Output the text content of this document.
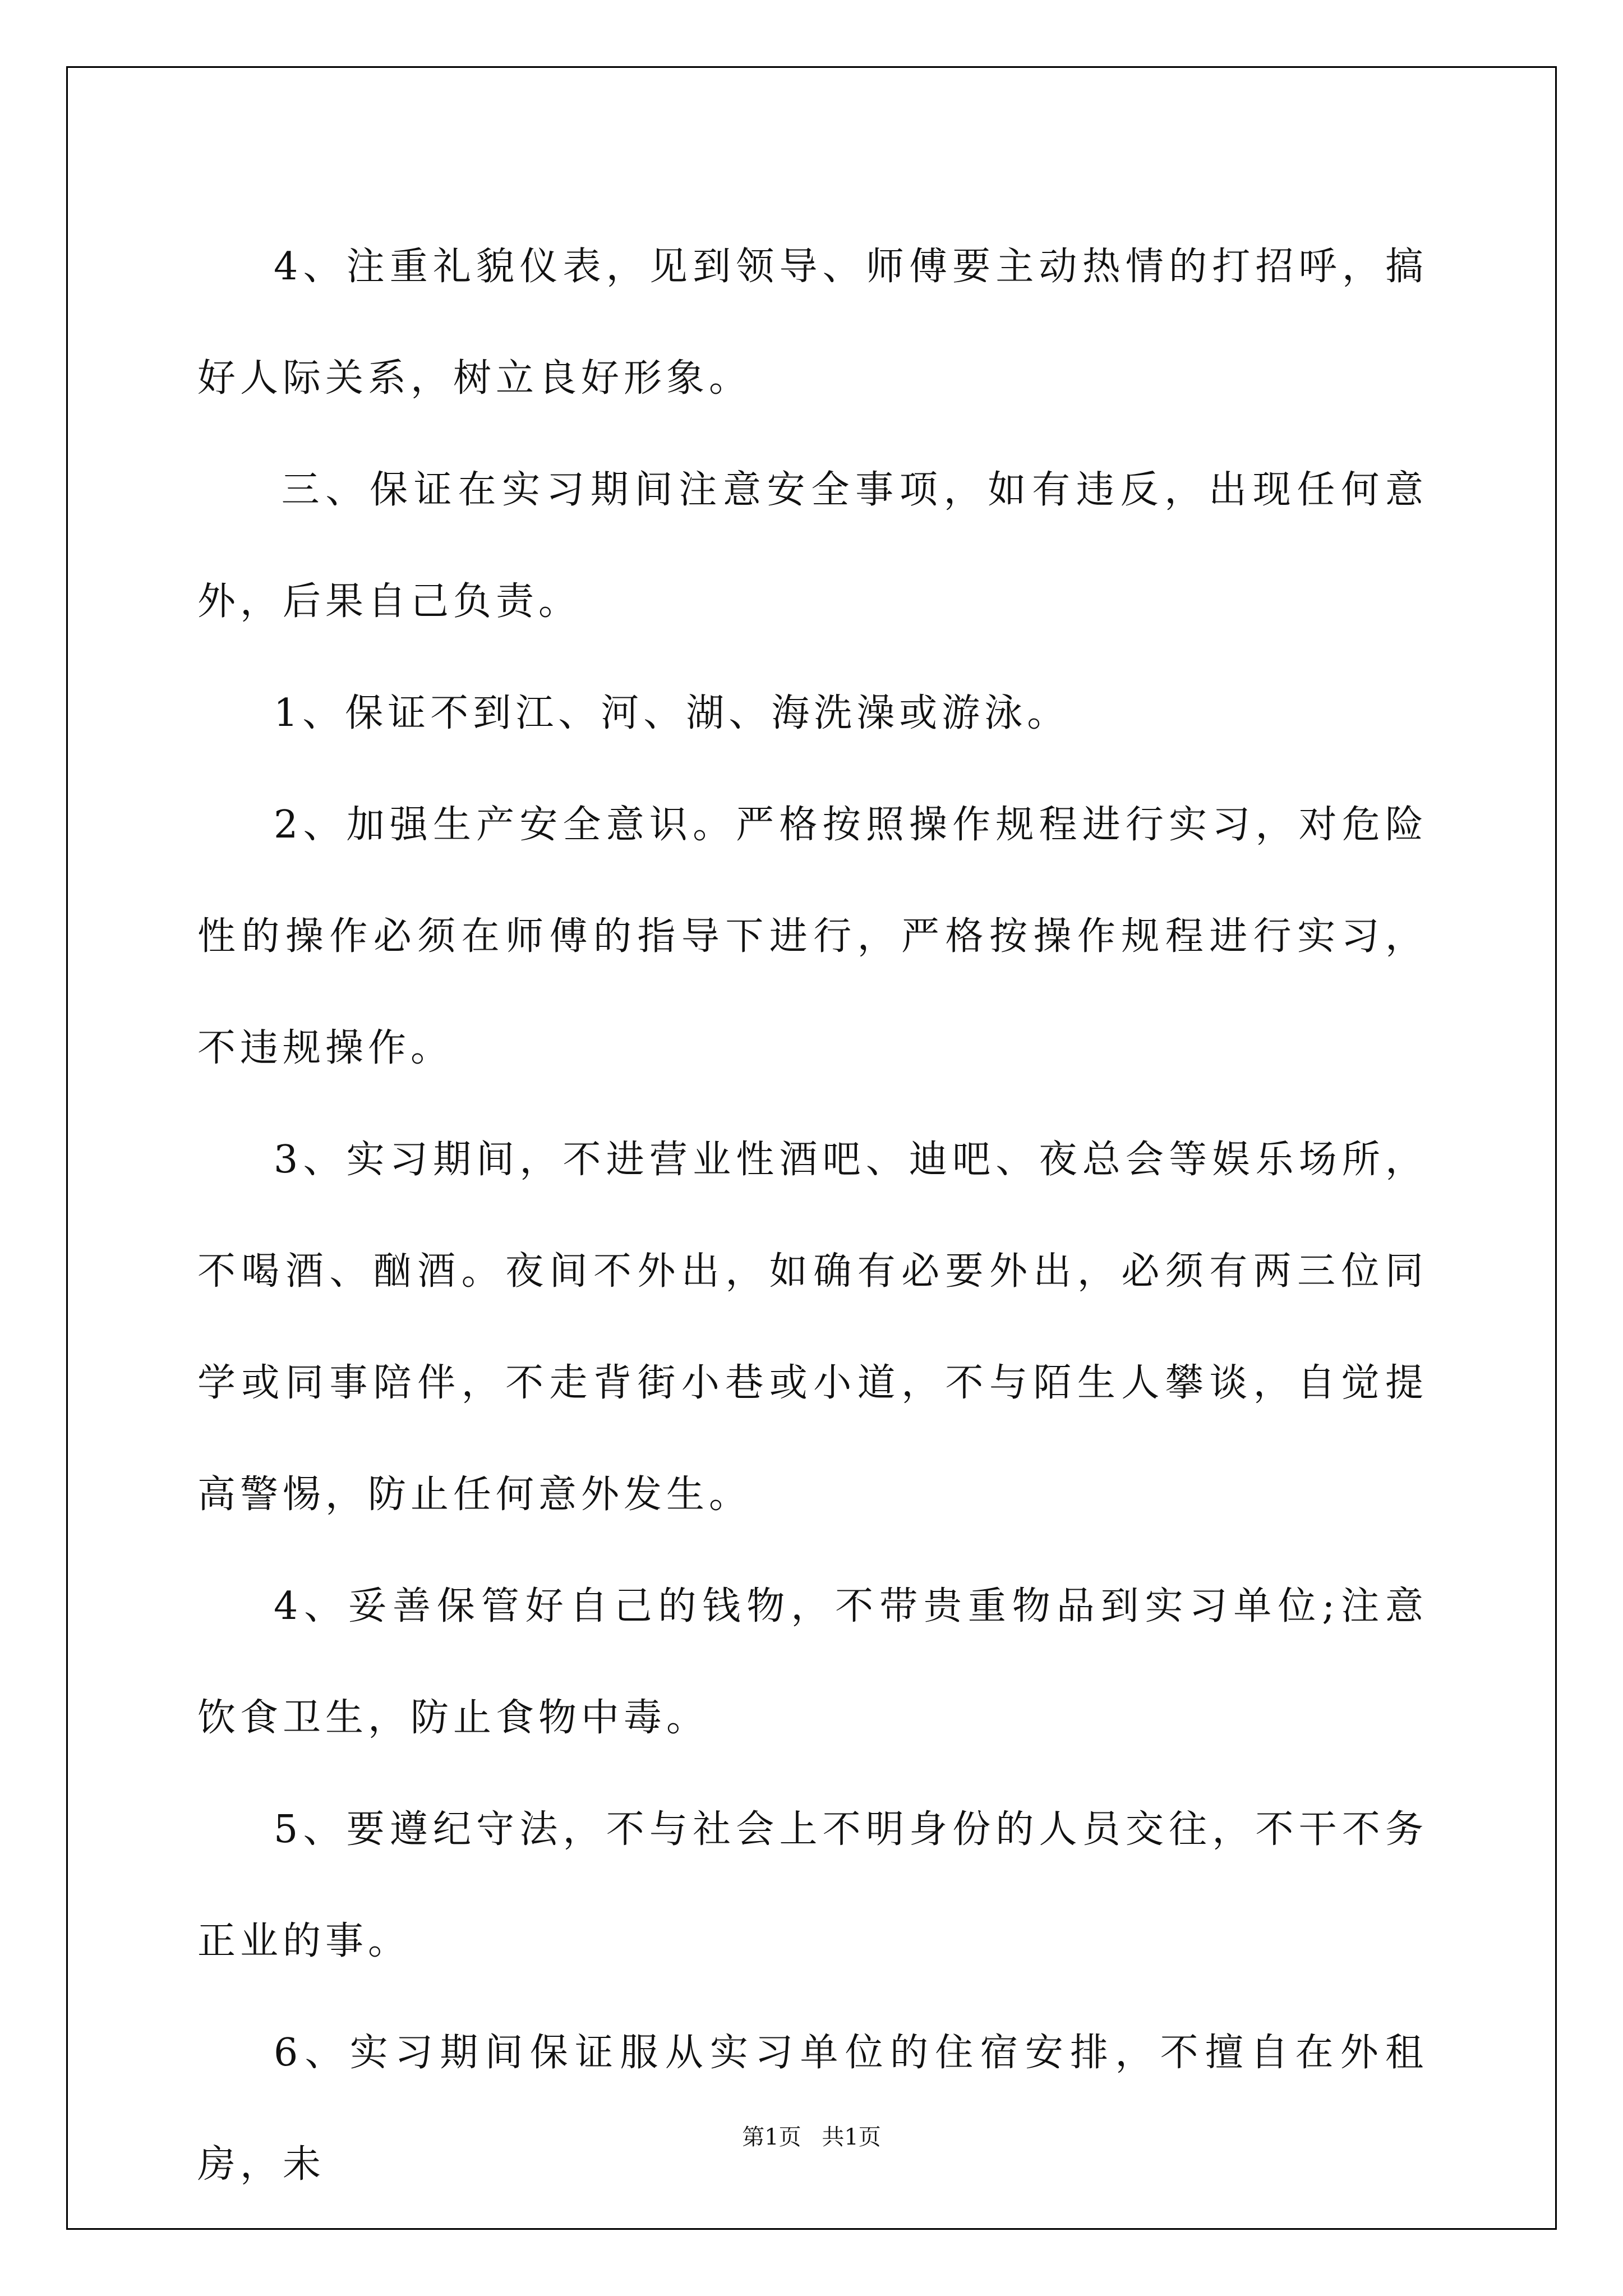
4、注重礼貌仪表，见到领导、师傅要主动热情的打招呼，搞好人际关系，树立良好形象。

三、保证在实习期间注意安全事项，如有违反，出现任何意外，后果自己负责。

1、保证不到江、河、湖、海洗澡或游泳。

2、加强生产安全意识。严格按照操作规程进行实习，对危险性的操作必须在师傅的指导下进行，严格按操作规程进行实习，不违规操作。

3、实习期间，不进营业性酒吧、迪吧、夜总会等娱乐场所，不喝酒、酗酒。夜间不外出，如确有必要外出，必须有两三位同学或同事陪伴，不走背街小巷或小道，不与陌生人攀谈，自觉提高警惕，防止任何意外发生。

4、妥善保管好自己的钱物，不带贵重物品到实习单位;注意饮食卫生，防止食物中毒。

5、要遵纪守法，不与社会上不明身份的人员交往，不干不务正业的事。

6、实习期间保证服从实习单位的住宿安排，不擅自在外租房，未

第1页 共1页
